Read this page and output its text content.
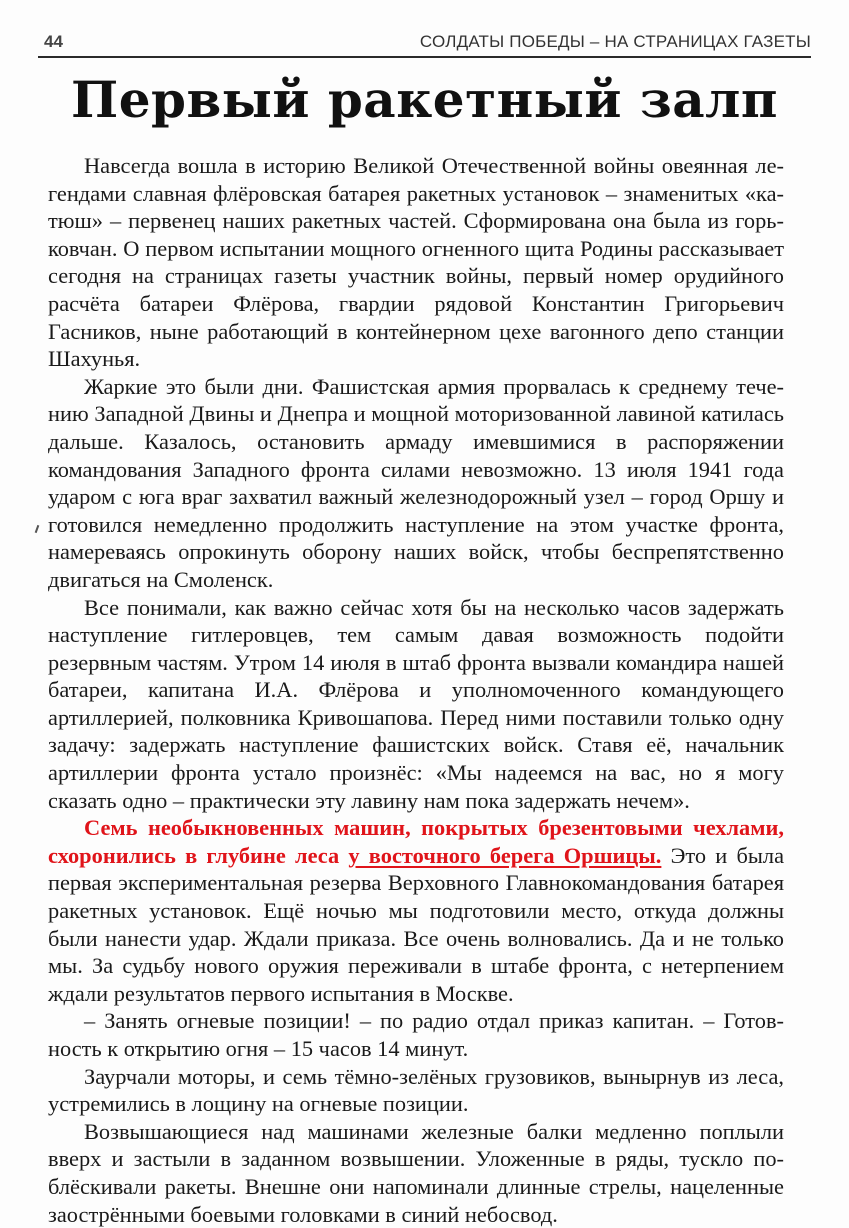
44	СОЛДАТЫ ПОБЕДЫ – НА СТРАНИЦАХ ГАЗЕТЫ
Первый ракетный залп

Навсегда вошла в историю Великой Отечественной войны овеянная легендами славная флёровская батарея ракетных установок – знаменитых «катюш» – первенец наших ракетных частей. Сформирована она была из горьковчан. О первом испытании мощного огненного щита Родины рассказывает сегодня на страницах газеты участник войны, первый номер орудийного расчёта батареи Флёрова, гвардии рядовой Константин Григорьевич Гасников, ныне работающий в контейнерном цехе вагонного депо станции Шахунья.

Жаркие это были дни. Фашистская армия прорвалась к среднему течению Западной Двины и Днепра и мощной моторизованной лавиной катилась дальше. Казалось, остановить армаду имевшимися в распоряжении командования Западного фронта силами невозможно. 13 июля 1941 года ударом с юга враг захватил важный железнодорожный узел – город Оршу и готовился немедленно продолжить наступление на этом участке фронта, намереваясь опрокинуть оборону наших войск, чтобы беспрепятственно двигаться на Смоленск.

Все понимали, как важно сейчас хотя бы на несколько часов задержать наступление гитлеровцев, тем самым давая возможность подойти резервным частям. Утром 14 июля в штаб фронта вызвали командира нашей батареи, капитана И.А. Флёрова и уполномоченного командующего артиллерией, полковника Кривошапова. Перед ними поставили только одну задачу: задержать наступление фашистских войск. Ставя её, начальник артиллерии фронта устало произнёс: «Мы надеемся на вас, но я могу сказать одно – практически эту лавину нам пока задержать нечем».

Семь необыкновенных машин, покрытых брезентовыми чехлами, схоронились в глубине леса у восточного берега Оршицы. Это и была первая экспериментальная резерва Верховного Главнокомандования батарея ракетных установок. Ещё ночью мы подготовили место, откуда должны были нанести удар. Ждали приказа. Все очень волновались. Да и не только мы. За судьбу нового оружия переживали в штабе фронта, с нетерпением ждали результатов первого испытания в Москве.

– Занять огневые позиции! – по радио отдал приказ капитан. – Готовность к открытию огня – 15 часов 14 минут.

Заурчали моторы, и семь тёмно-зелёных грузовиков, вынырнув из леса, устремились в лощину на огневые позиции.

Возвышающиеся над машинами железные балки медленно поплыли вверх и застыли в заданном возвышении. Уложенные в ряды, тускло поблёскивали ракеты. Внешне они напоминали длинные стрелы, нацеленные заострёнными боевыми головками в синий небосвод.
